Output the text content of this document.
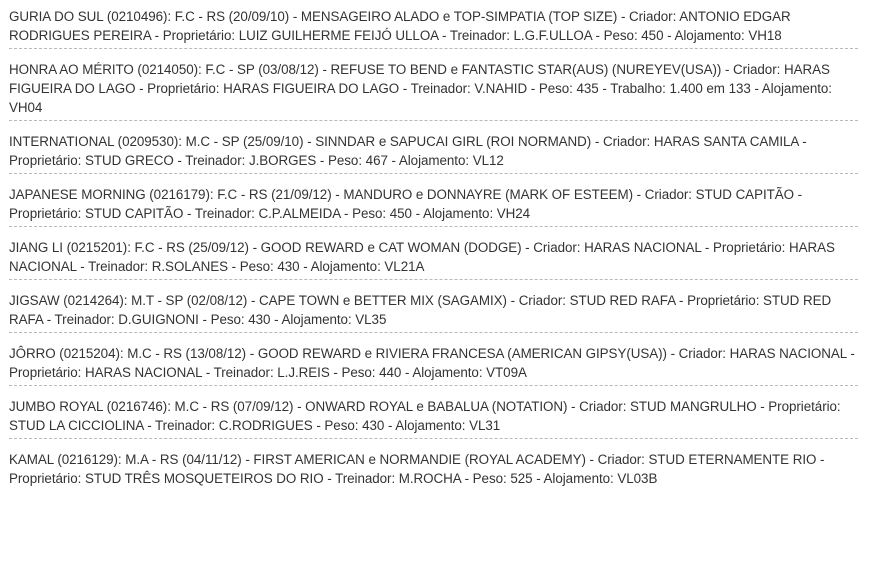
GURIA DO SUL (0210496): F.C - RS (20/09/10) - MENSAGEIRO ALADO e TOP-SIMPATIA (TOP SIZE) - Criador: ANTONIO EDGAR RODRIGUES PEREIRA - Proprietário: LUIZ GUILHERME FEIJÓ ULLOA - Treinador: L.G.F.ULLOA - Peso: 450 - Alojamento: VH18
HONRA AO MÉRITO (0214050): F.C - SP (03/08/12) - REFUSE TO BEND e FANTASTIC STAR(AUS) (NUREYEV(USA)) - Criador: HARAS FIGUEIRA DO LAGO - Proprietário: HARAS FIGUEIRA DO LAGO - Treinador: V.NAHID - Peso: 435 - Trabalho: 1.400 em 133 - Alojamento: VH04
INTERNATIONAL (0209530): M.C - SP (25/09/10) - SINNDAR e SAPUCAI GIRL (ROI NORMAND) - Criador: HARAS SANTA CAMILA - Proprietário: STUD GRECO - Treinador: J.BORGES - Peso: 467 - Alojamento: VL12
JAPANESE MORNING (0216179): F.C - RS (21/09/12) - MANDURO e DONNAYRE (MARK OF ESTEEM) - Criador: STUD CAPITÃO - Proprietário: STUD CAPITÃO - Treinador: C.P.ALMEIDA - Peso: 450 - Alojamento: VH24
JIANG LI (0215201): F.C - RS (25/09/12) - GOOD REWARD e CAT WOMAN (DODGE) - Criador: HARAS NACIONAL - Proprietário: HARAS NACIONAL - Treinador: R.SOLANES - Peso: 430 - Alojamento: VL21A
JIGSAW (0214264): M.T - SP (02/08/12) - CAPE TOWN e BETTER MIX (SAGAMIX) - Criador: STUD RED RAFA - Proprietário: STUD RED RAFA - Treinador: D.GUIGNONI - Peso: 430 - Alojamento: VL35
JÔRRO (0215204): M.C - RS (13/08/12) - GOOD REWARD e RIVIERA FRANCESA (AMERICAN GIPSY(USA)) - Criador: HARAS NACIONAL - Proprietário: HARAS NACIONAL - Treinador: L.J.REIS - Peso: 440 - Alojamento: VT09A
JUMBO ROYAL (0216746): M.C - RS (07/09/12) - ONWARD ROYAL e BABALUA (NOTATION) - Criador: STUD MANGRULHO - Proprietário: STUD LA CICCIOLINA - Treinador: C.RODRIGUES - Peso: 430 - Alojamento: VL31
KAMAL (0216129): M.A - RS (04/11/12) - FIRST AMERICAN e NORMANDIE (ROYAL ACADEMY) - Criador: STUD ETERNAMENTE RIO - Proprietário: STUD TRÊS MOSQUETEIROS DO RIO - Treinador: M.ROCHA - Peso: 525 - Alojamento: VL03B
